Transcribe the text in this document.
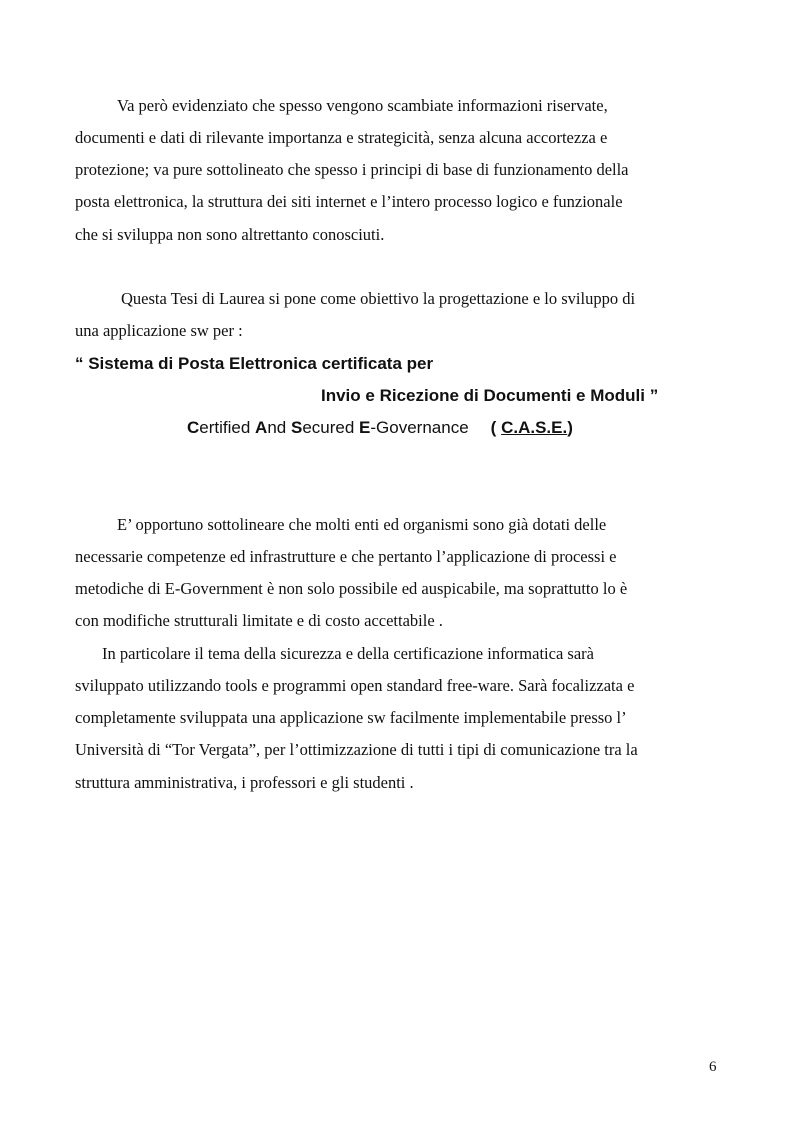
Va però evidenziato che spesso vengono scambiate informazioni riservate,
documenti e dati di rilevante importanza e strategicità, senza alcuna accortezza e
protezione; va pure sottolineato che spesso i principi di base di funzionamento della
posta elettronica, la struttura dei siti internet e l’intero processo logico e funzionale
che si sviluppa non sono altrettanto conosciuti.
Questa Tesi di Laurea si pone come obiettivo la progettazione e lo sviluppo di
una applicazione sw per :
“ Sistema di Posta Elettronica certificata per
Invio e Ricezione di Documenti e Moduli ”
Certified And Secured E-Governance ( C.A.S.E.)
E’ opportuno sottolineare che molti enti ed organismi sono già dotati delle
necessarie competenze ed infrastrutture e che pertanto l’applicazione di processi e
metodiche di E-Government è non solo possibile ed auspicabile, ma soprattutto lo è
con modifiche strutturali limitate e di costo accettabile .
In particolare il tema della sicurezza e della certificazione informatica sarà
sviluppato utilizzando tools e programmi open standard free-ware. Sarà focalizzata e
completamente sviluppata una applicazione sw facilmente implementabile presso l’
Università di “Tor Vergata”, per l’ottimizzazione di tutti i tipi di comunicazione tra la
struttura amministrativa, i professori e gli studenti .
6
